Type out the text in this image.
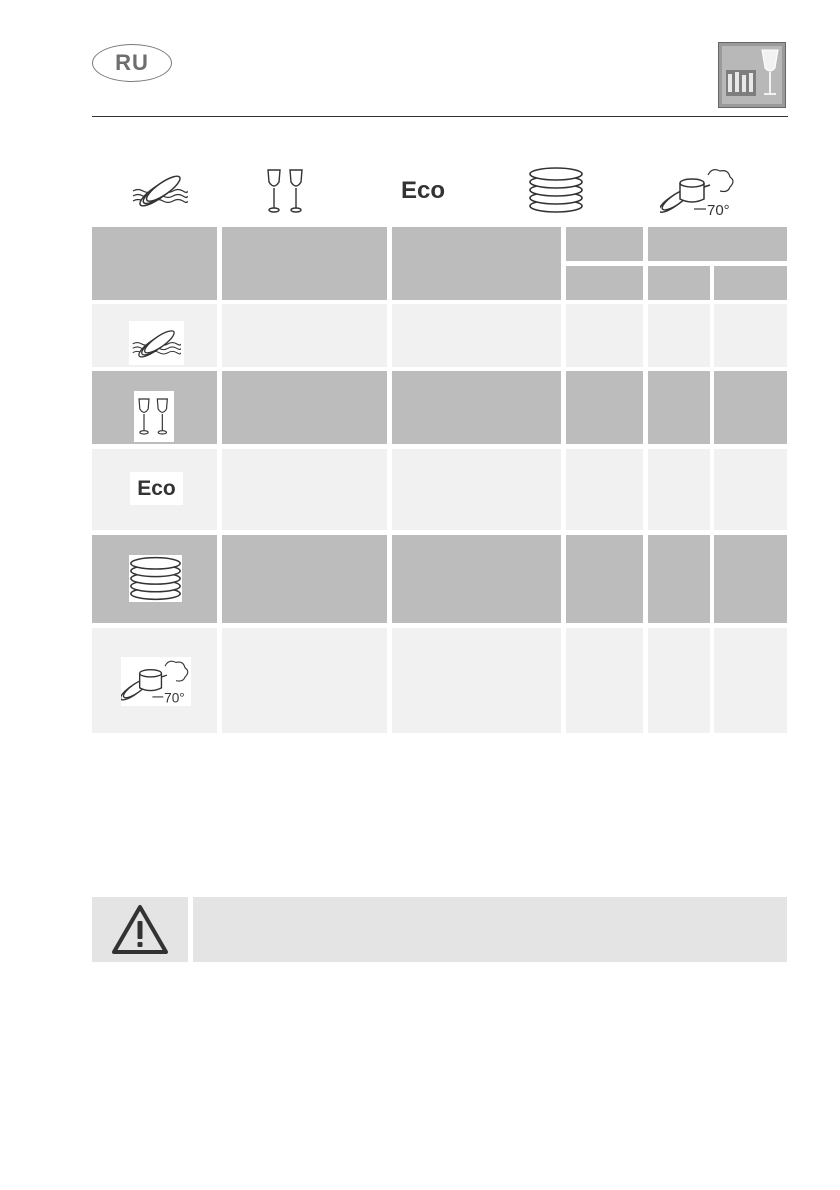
RU
Eco
70°
Eco
70°
